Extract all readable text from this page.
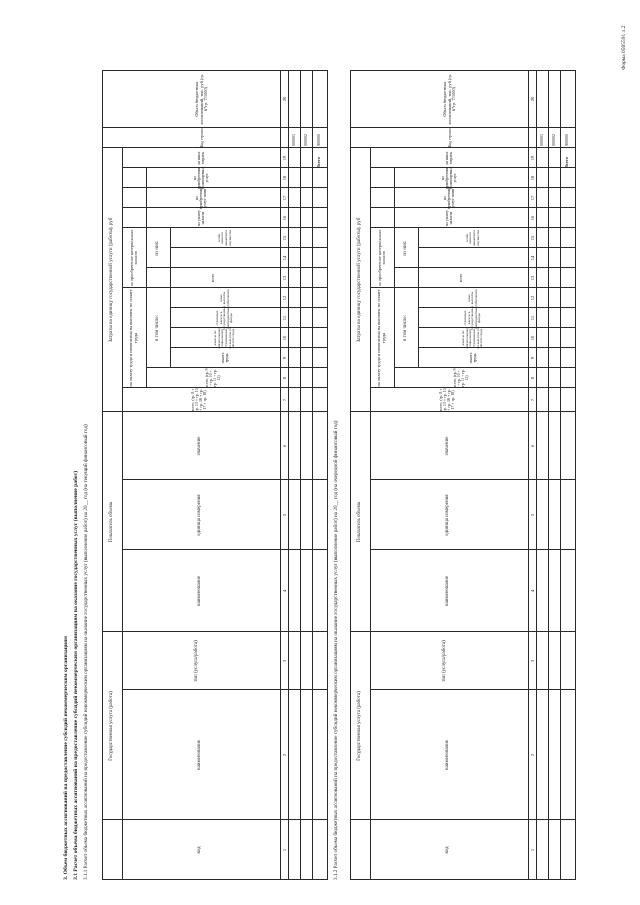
Форма 0505591 л.2
3. Объем бюджетных ассигнований на предоставление субсидий некоммерческим организациям 3.1 Расчет объема бюджетных ассигнований на предоставление субсидий некоммерческим организациям на оказание государственных услуг (выполнение работ) 3.1.1 Расчет объема бюджетных ассигнований на предоставление субсидий некоммерческим организациям на оказание государственных услуг (выполнение работ) на 20__ год (на текущий финансовый год)	Государственная услуга (работа)
код
наименование
тип (услуга/работа)
Показатель объема
наименование
единица измерения
значение
Затраты на единицу государственной услуги (работы), руб
всего, (гр. 8 + гр. 13 + гр. 15 + гр. 16 + гр. 17 + гр. 18)
на оплату труда и начисления на выплаты по оплате труда
всего, (гр. 9 + гр. 10 + гр. 11 + гр. 12)
в том числе:
оплата труда
взносы по обязательному социальному страхованию на выплаты по оплате труда
страховые взносы в государственные внебюджетные фонды
иные выплаты работникам
на приобретение материальных запасов
всего
из них:
особо ценного движимого имущества
на уплату налогов
на приобретение услуг связи
на приобретение транспортных услуг
на иные затраты
Код строки
Объем бюджетных ассигнований, тыс. руб (гр. 6*гр. 7/1000)
1
2
3
4
5
6
7
8
9
10
11
12
13
14
15
16
17
18
19
20
000001 000002
Всего
900000
3.1.2 Расчет объема бюджетных ассигнований на предоставление субсидий некоммерческим организациям на оказание государственных услуг (выполнение работ) на 20__ год (на очередной финансовый год)	Государственная услуга (работа)
код
наименование
тип (услуга/работа)
Показатель объема
наименование
единица измерения
значение
Затраты на единицу государственной услуги (работы), руб
всего, (гр. 8 + гр. 13 + гр. 15 + гр. 16 + гр. 17 + гр. 18)
на оплату труда и начисления на выплаты по оплате труда
всего, (гр. 9 + гр. 10 + гр. 11 + гр. 12)
в том числе:
оплата труда
взносы по обязательному социальному страхованию на выплаты по оплате труда
страховые взносы в государственные внебюджетные фонды
иные выплаты работникам
на приобретение материальных запасов
всего
из них:
особо ценного движимого имущества
на уплату налогов
на приобретение услуг связи
на приобретение транспортных услуг
на иные затраты
Код строки
Объем бюджетных ассигнований, тыс. руб (гр. 6*гр. 7/1000)
1
2
3
4
5
6
7
8
9
10
11
12
13
14
15
16
17
18
19
20
000001 000002
Всего
900000
